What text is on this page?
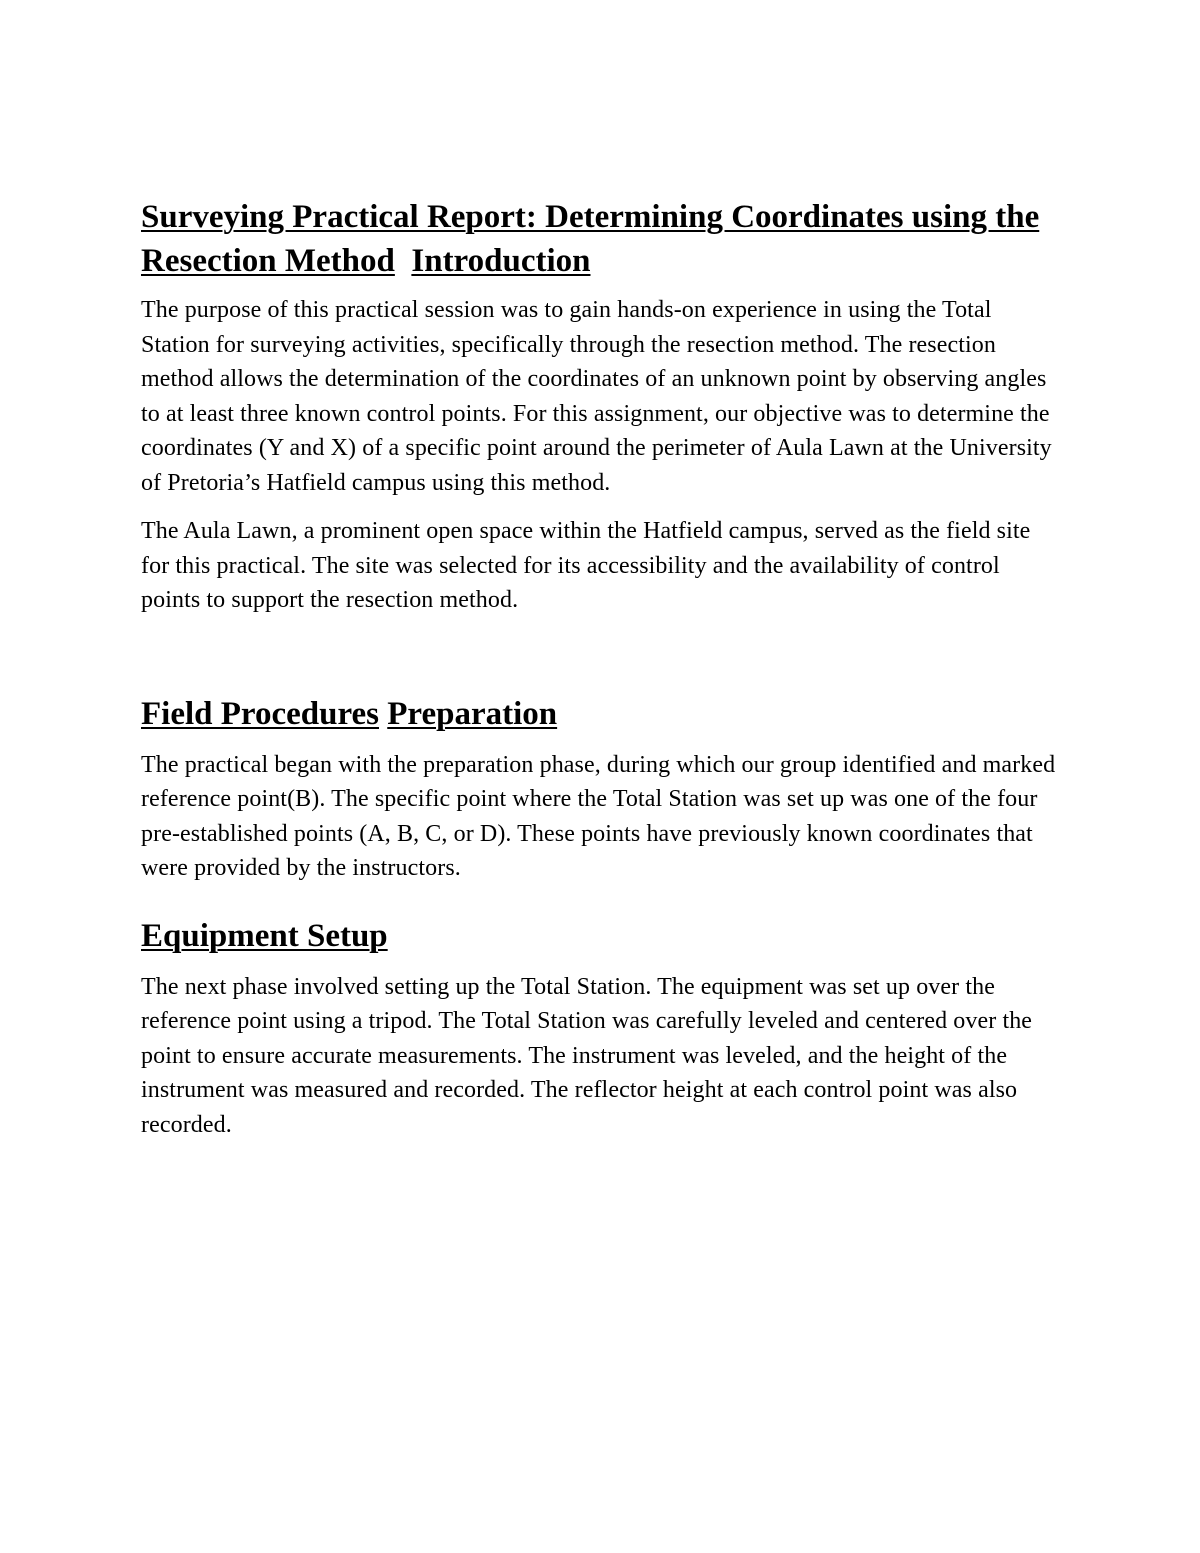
Surveying Practical Report: Determining Coordinates using the Resection Method Introduction

The purpose of this practical session was to gain hands-on experience in using the Total Station for surveying activities, specifically through the resection method. The resection method allows the determination of the coordinates of an unknown point by observing angles to at least three known control points. For this assignment, our objective was to determine the coordinates (Y and X) of a specific point around the perimeter of Aula Lawn at the University of Pretoria’s Hatfield campus using this method.

The Aula Lawn, a prominent open space within the Hatfield campus, served as the field site for this practical. The site was selected for its accessibility and the availability of control points to support the resection method.

Field Procedures Preparation

The practical began with the preparation phase, during which our group identified and marked reference point(B). The specific point where the Total Station was set up was one of the four pre-established points (A, B, C, or D). These points have previously known coordinates that were provided by the instructors.

Equipment Setup

The next phase involved setting up the Total Station. The equipment was set up over the reference point using a tripod. The Total Station was carefully leveled and centered over the point to ensure accurate measurements. The instrument was leveled, and the height of the instrument was measured and recorded. The reflector height at each control point was also recorded.
